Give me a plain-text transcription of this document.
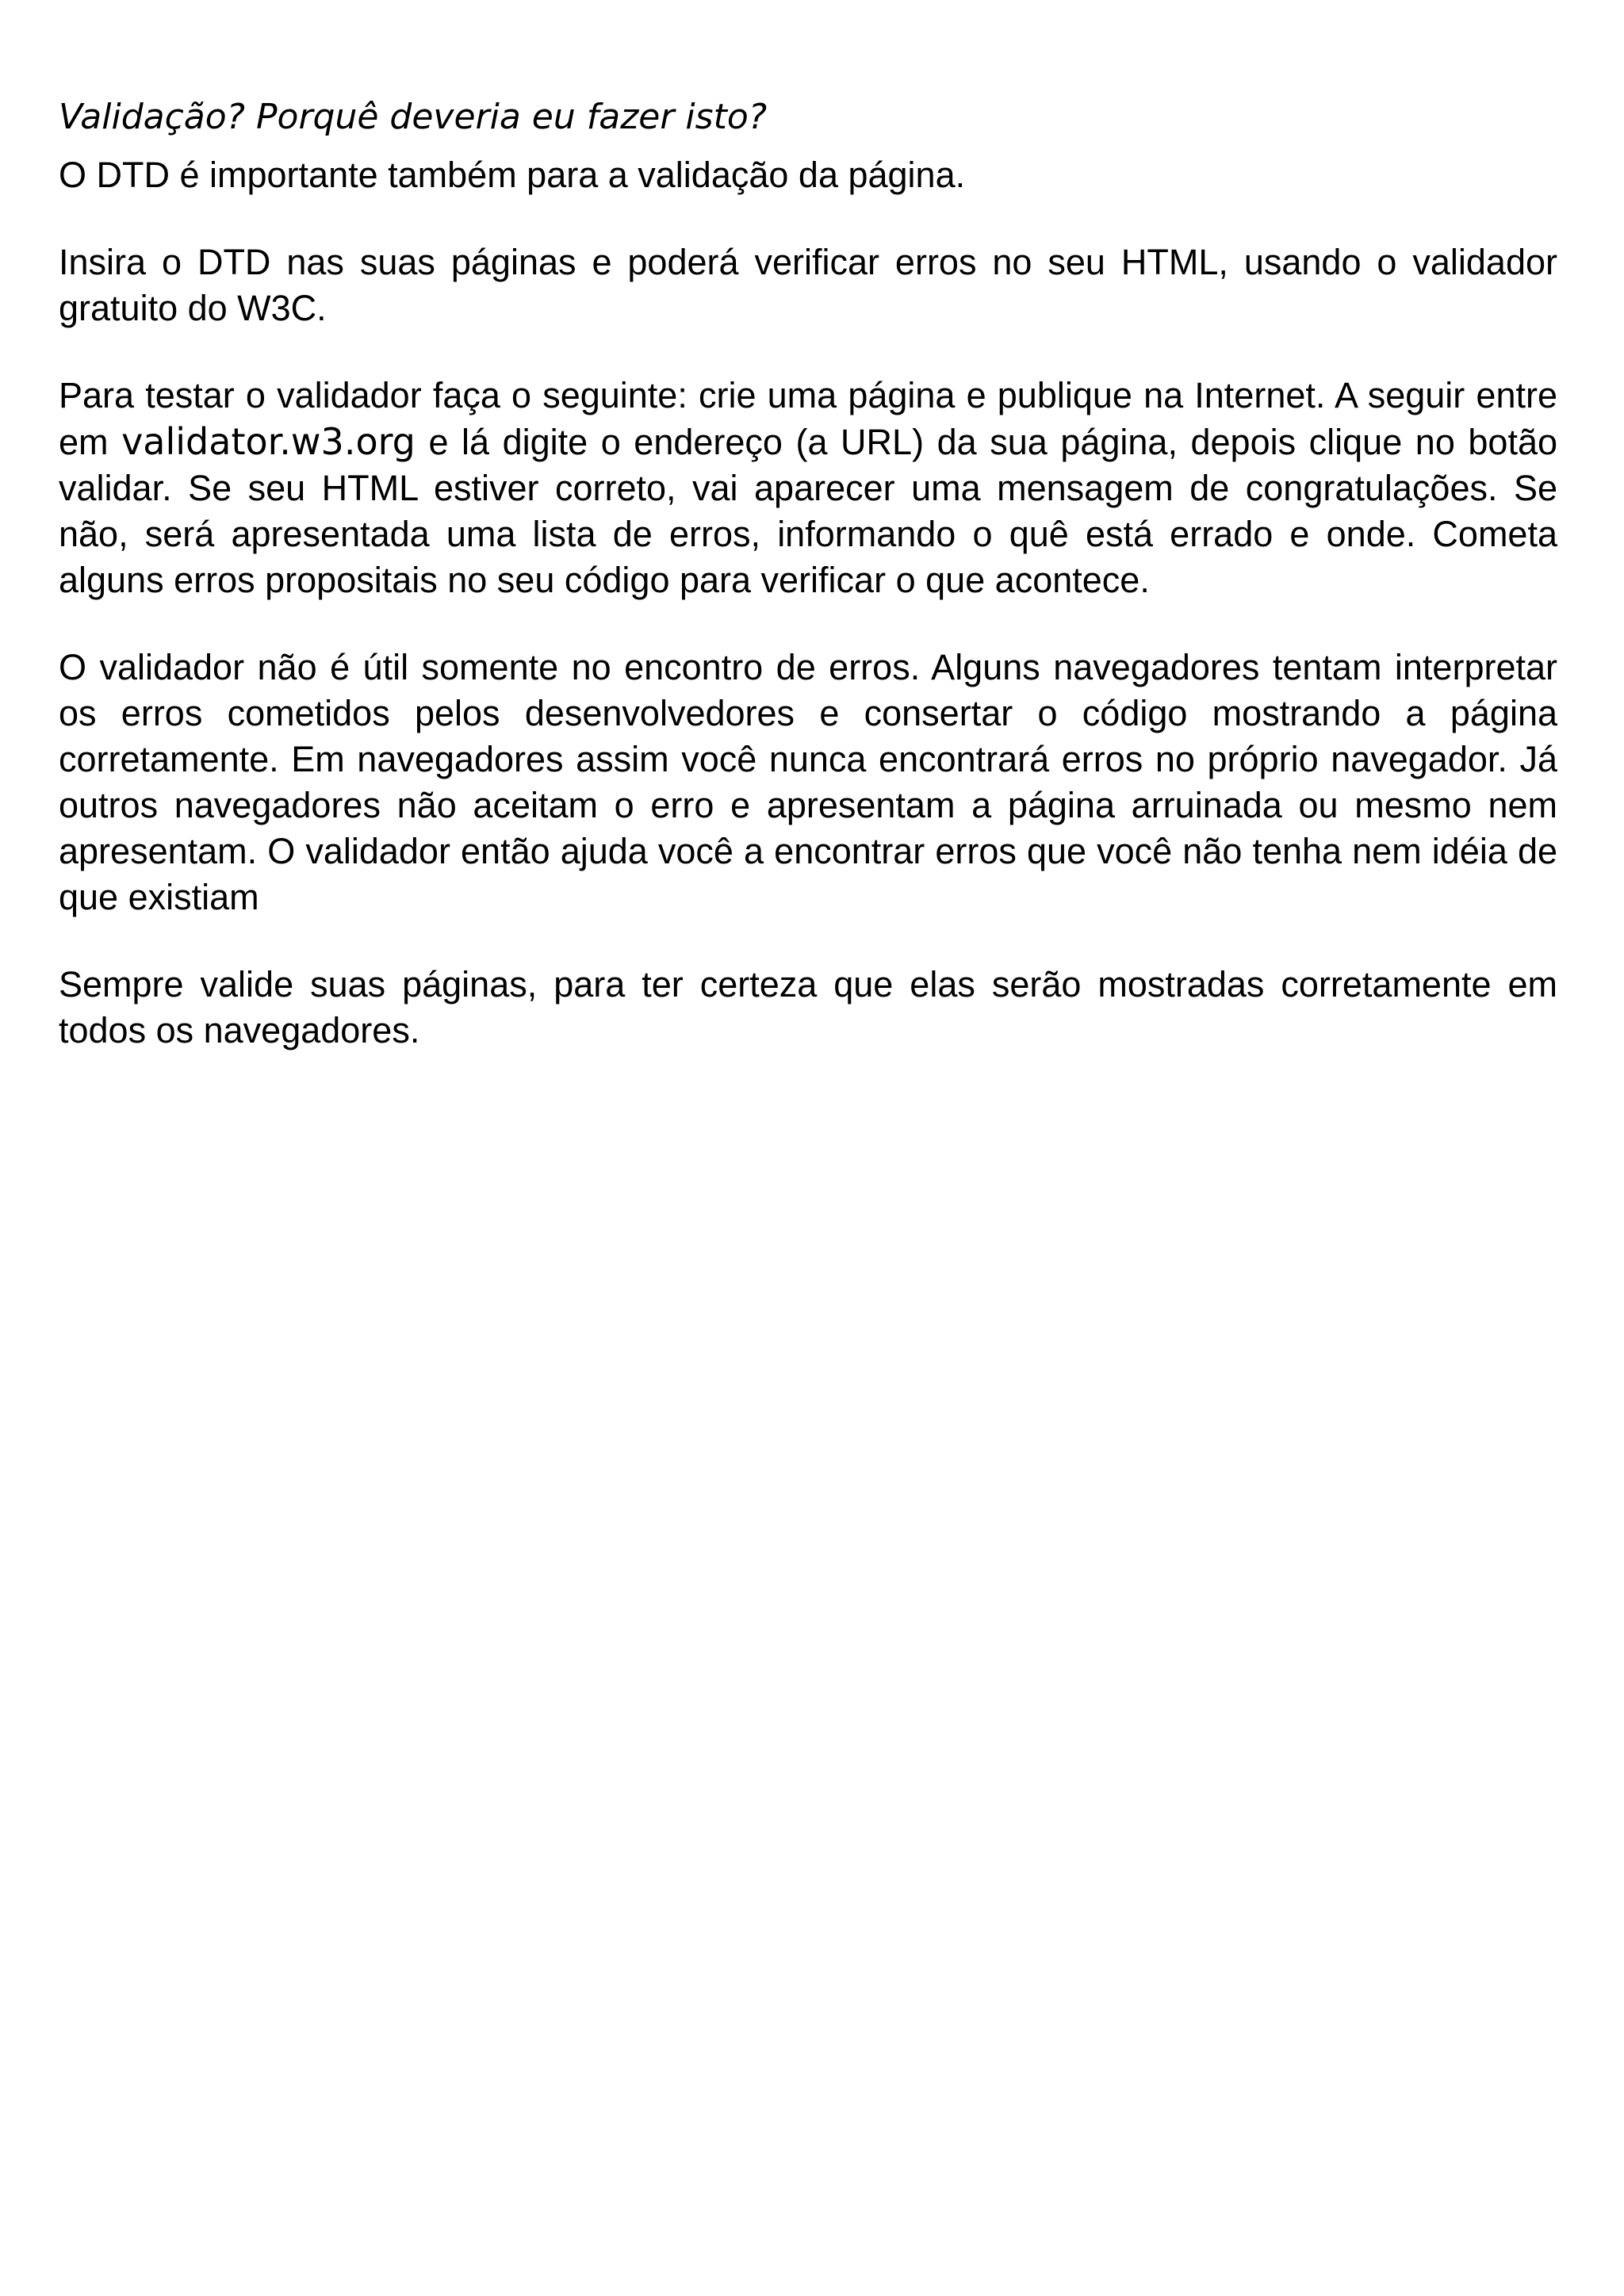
Validação? Porquê deveria eu fazer isto?

O DTD é importante também para a validação da página.

Insira o DTD nas suas páginas e poderá verificar erros no seu HTML, usando o validador gratuito do W3C.

Para testar o validador faça o seguinte: crie uma página e publique na Internet. A seguir entre em validator.w3.org e lá digite o endereço (a URL) da sua página, depois clique no botão validar. Se seu HTML estiver correto, vai aparecer uma mensagem de congratulações. Se não, será apresentada uma lista de erros, informando o quê está errado e onde. Cometa alguns erros propositais no seu código para verificar o que acontece.

O validador não é útil somente no encontro de erros. Alguns navegadores tentam interpretar os erros cometidos pelos desenvolvedores e consertar o código mostrando a página corretamente. Em navegadores assim você nunca encontrará erros no próprio navegador. Já outros navegadores não aceitam o erro e apresentam a página arruinada ou mesmo nem apresentam. O validador então ajuda você a encontrar erros que você não tenha nem idéia de que existiam

Sempre valide suas páginas, para ter certeza que elas serão mostradas corretamente em todos os navegadores.
